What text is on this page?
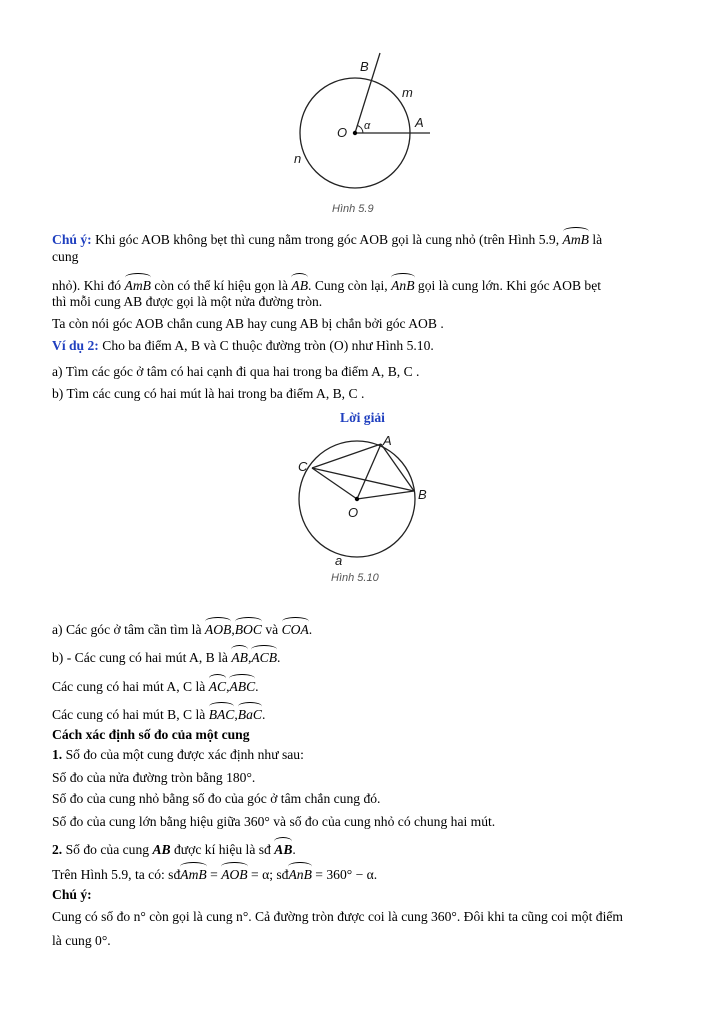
B
m
O α	A
n
Hình 5.9
Chú ý: Khi góc AOB không bẹt thì cung nằm trong góc AOB gọi là cung nhỏ (trên Hình 5.9, AmB là
cung
nhỏ). Khi đó AmB còn có thể kí hiệu gọn là AB. Cung còn lại, AnB gọi là cung lớn. Khi góc AOB bẹt
thì mỗi cung AB được gọi là một nửa đường tròn.
Ta còn nói góc AOB chắn cung AB hay cung AB bị chắn bởi góc AOB .
Ví dụ 2: Cho ba điểm A, B và C thuộc đường tròn (O) như Hình 5.10.
a) Tìm các góc ở tâm có hai cạnh đi qua hai trong ba điểm A, B, C .
b) Tìm các cung có hai mút là hai trong ba điểm A, B, C .
Lời giải
A
B
C
O
a
Hình 5.10
a) Các góc ở tâm cần tìm là AOB,BOC và COA.
b) - Các cung có hai mút A, B là AB,ACB.
Các cung có hai mút A, C là AC,ABC.
Các cung có hai mút B, C là BAC,BaC.
Cách xác định số đo của một cung
1. Số đo của một cung được xác định như sau:
Số đo của nửa đường tròn bằng 180°.
Số đo của cung nhỏ bằng số đo của góc ở tâm chắn cung đó.
Số đo của cung lớn bằng hiệu giữa 360° và số đo của cung nhỏ có chung hai mút.
2. Số đo của cung AB được kí hiệu là sđ AB.
Trên Hình 5.9, ta có: sđAmB = AOB = α; sđAnB = 360° − α.
Chú ý:
Cung có số đo n° còn gọi là cung n°. Cả đường tròn được coi là cung 360°. Đôi khi ta cũng coi một điểm
là cung 0°.
